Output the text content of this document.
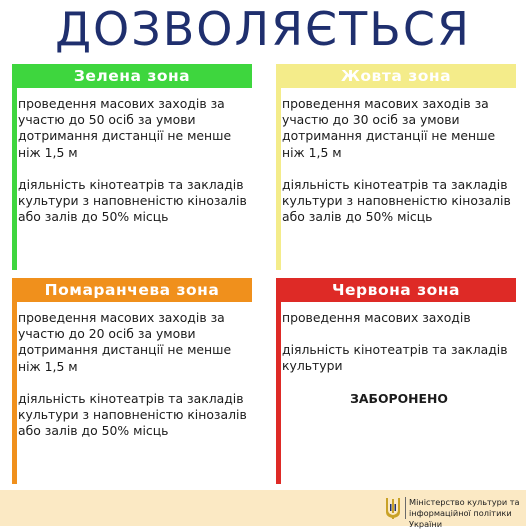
ДОЗВОЛЯЄТЬСЯ
Зелена зона

проведення масових заходів за участю до 50 осіб за умови дотримання дистанції не менше ніж 1,5 м

діяльність кінотеатрів та закладів культури з наповненістю кінозалів або залів до 50% місць

Жовта зона

проведення масових заходів за участю до 30 осіб за умови дотримання дистанції не менше ніж 1,5 м

діяльність кінотеатрів та закладів культури з наповненістю кінозалів або залів до 50% місць

Помаранчева зона

проведення масових заходів за участю до 20 осіб за умови дотримання дистанції не менше ніж 1,5 м

діяльність кінотеатрів та закладів культури з наповненістю кінозалів або залів до 50% місць

Червона зона

проведення масових заходів

діяльність кінотеатрів та закладів культури

ЗАБОРОНЕНО

Міністерство культури та
інформаційної політики України
